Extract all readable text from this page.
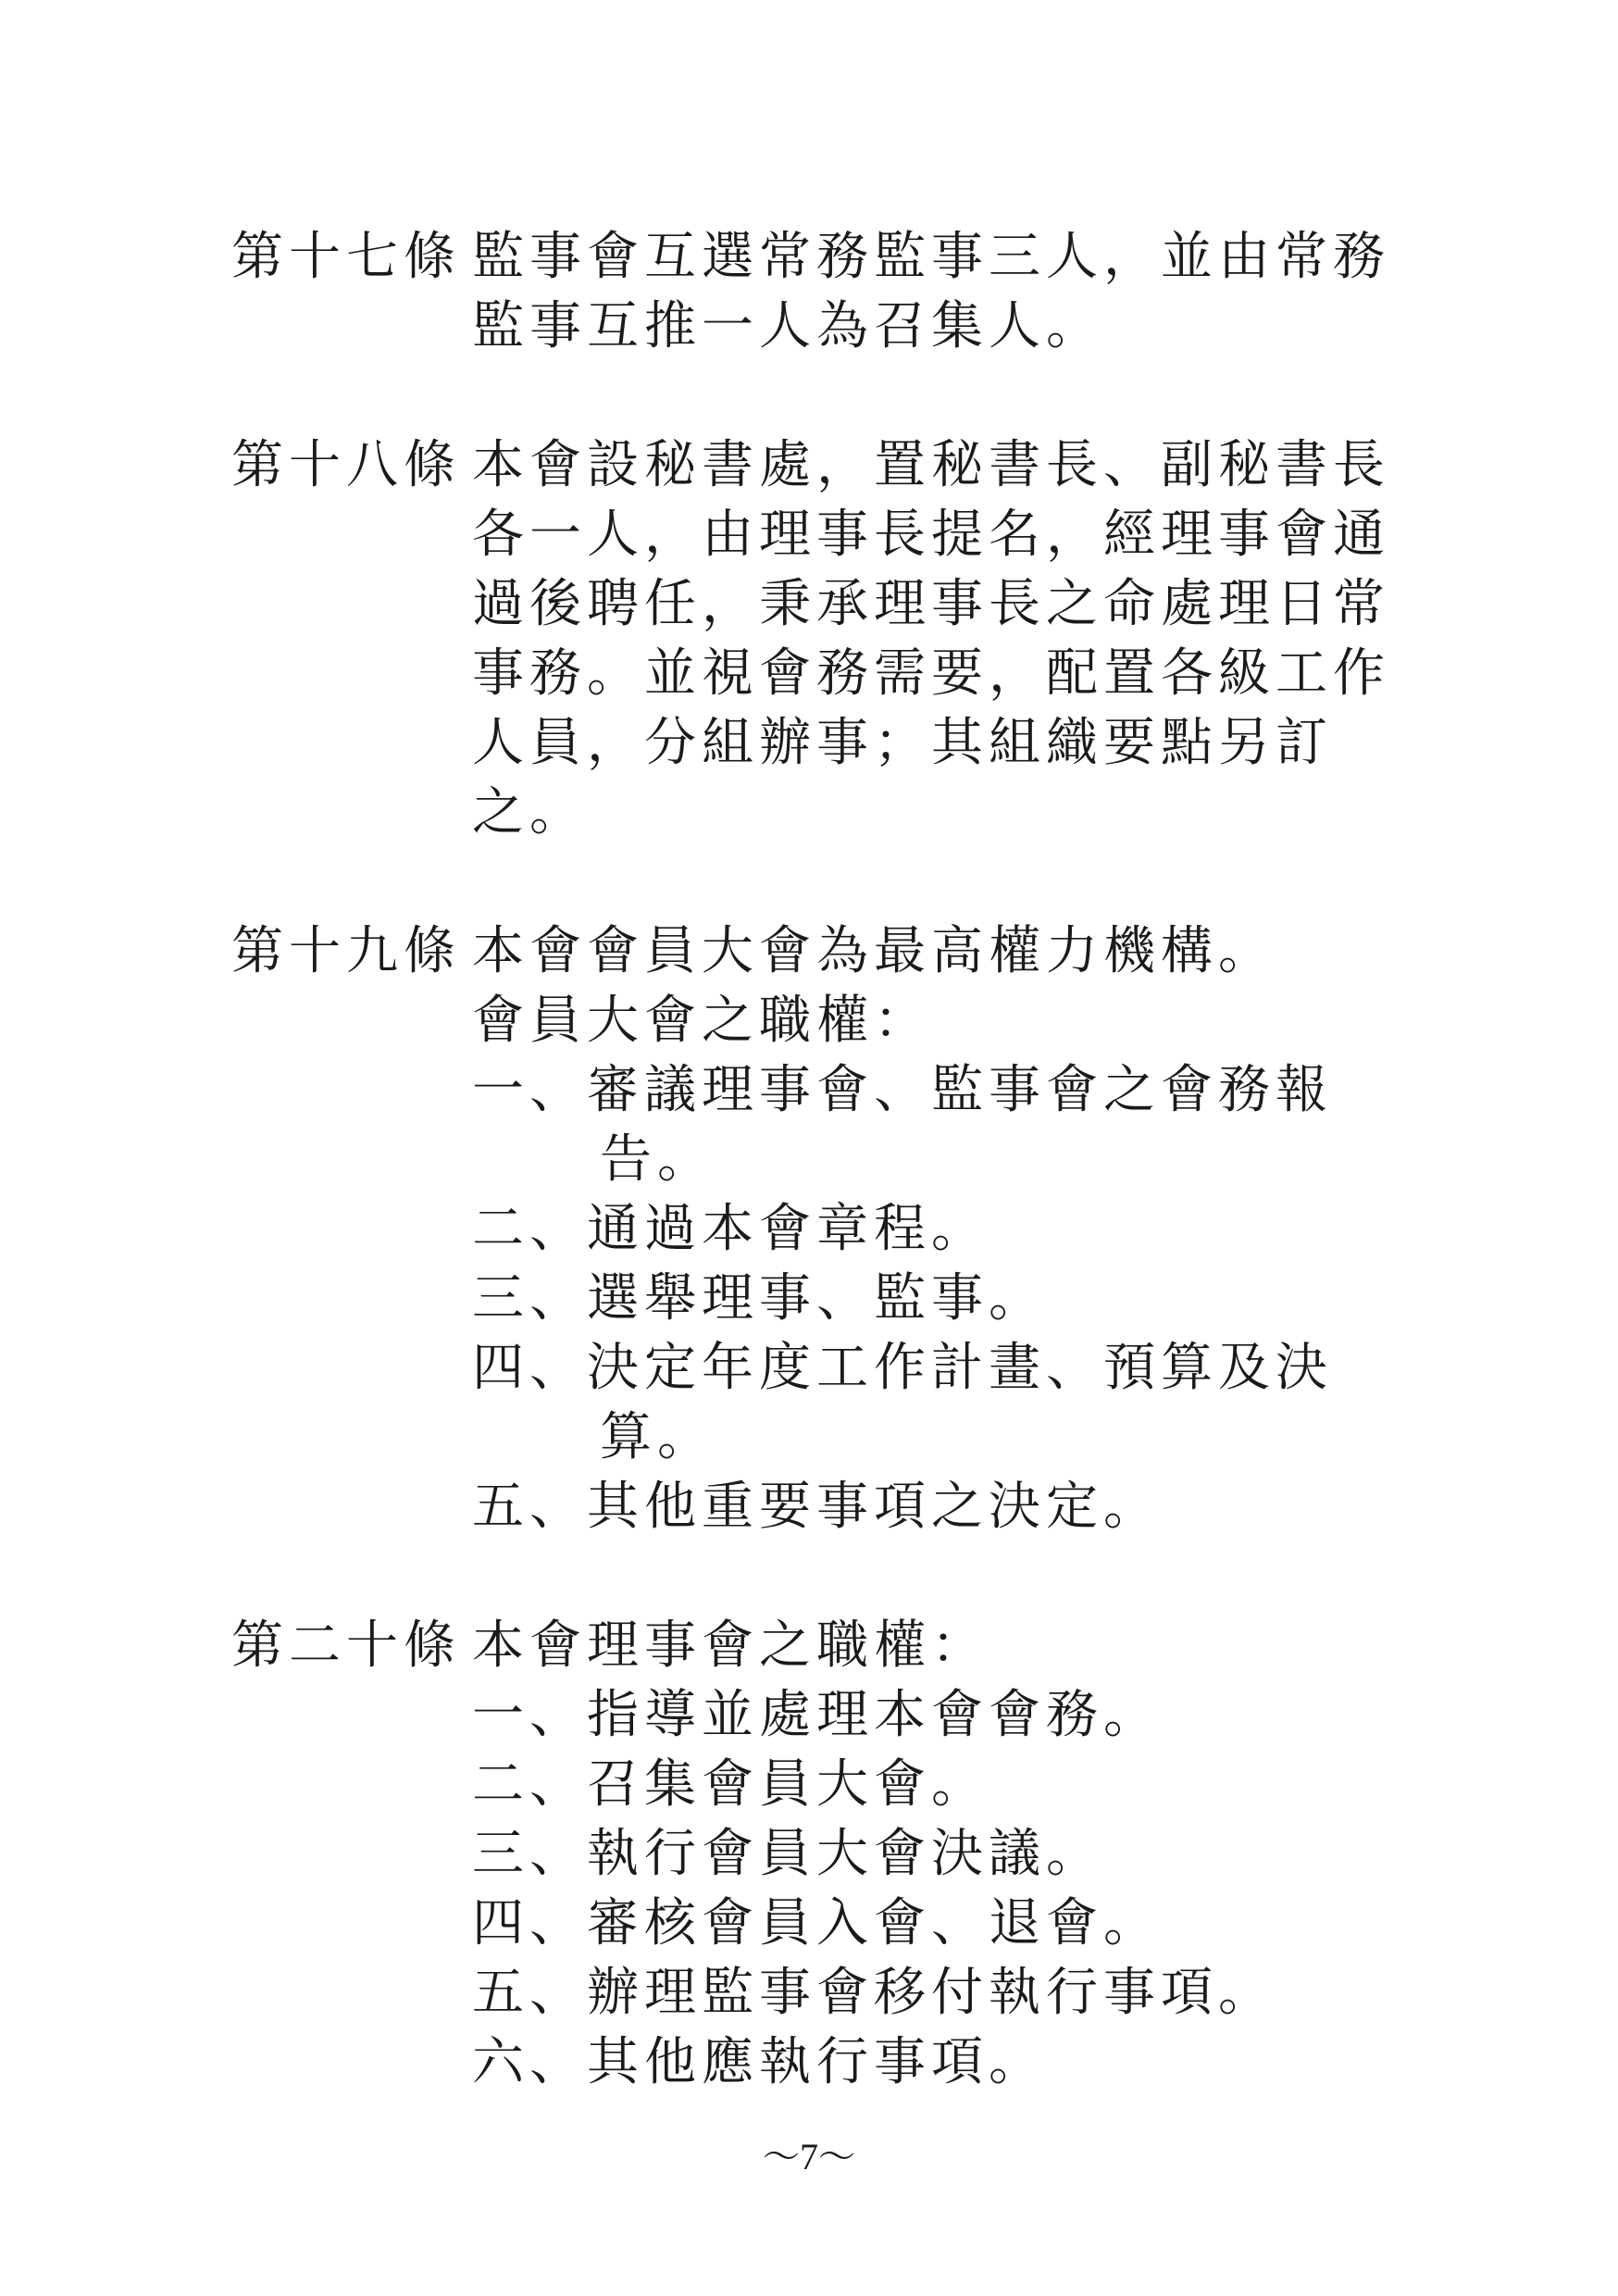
第十七條 監事會互選常務監事三人，並由常務
監事互推一人為召集人。
第十八條 本會設秘書處，置秘書長、副秘書長
各一人，由理事長提名，經理事會通
過後聘任，秉承理事長之命處理日常
事務。並視會務需要，配置各級工作
人員，分組辦事；其組織要點另訂
之。
第十九條 本會會員大會為最高權力機構。
會員大會之職權：
一、審議理事會、監事會之會務報
告。
二、通過本會章程。
三、選舉理事、監事。
四、決定年度工作計畫、預算及決
算。
五、其他重要事項之決定。
第二十條 本會理事會之職權：
一、指導並處理本會會務。
二、召集會員大會。
三、執行會員大會決議。
四、審核會員入會、退會。
五、辦理監事會移付執行事項。
六、其他應執行事項。
～7～
